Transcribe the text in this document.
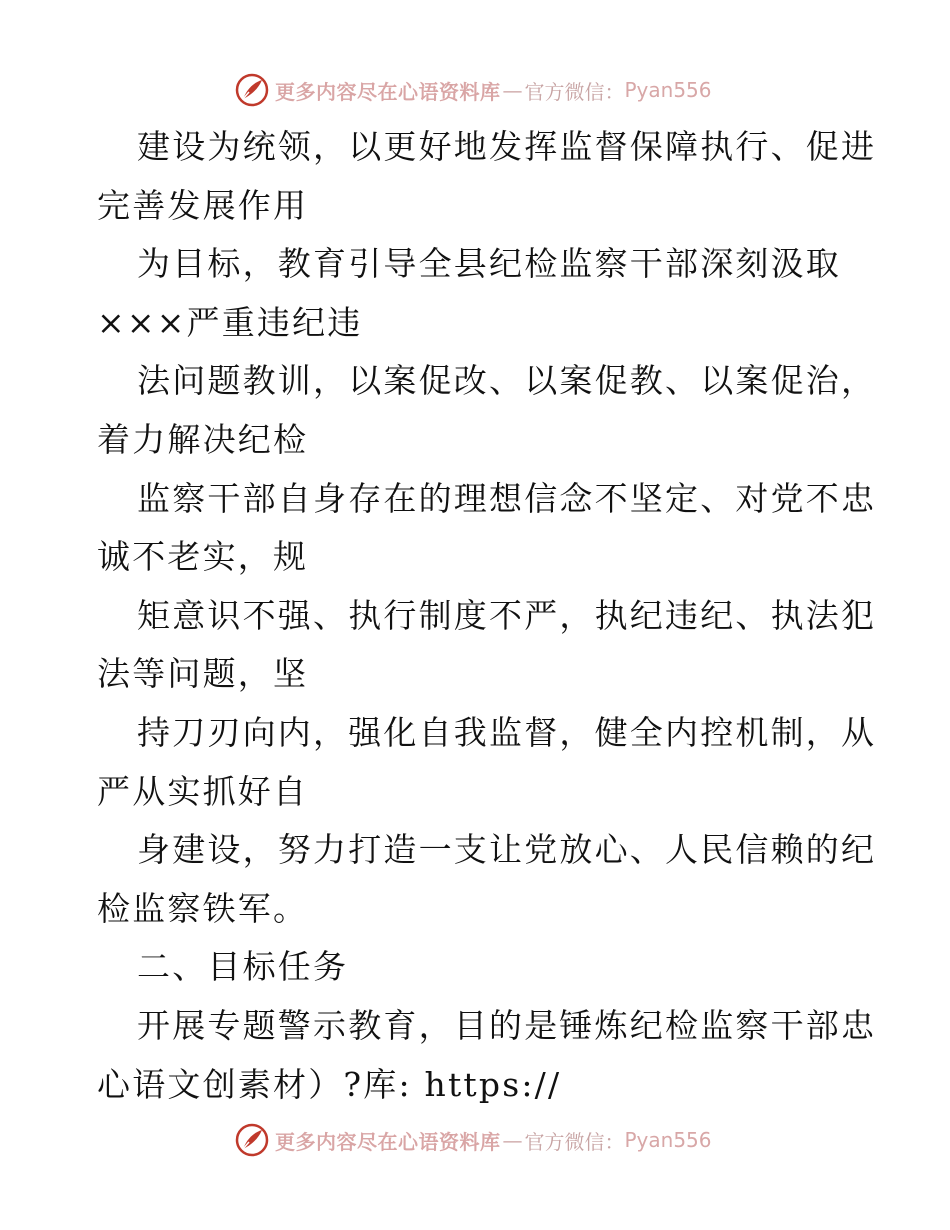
更多内容尽在心语资料库 — 官方微信： Pyan556
建设为统领，以更好地发挥监督保障执行、促进
完善发展作用
为目标，教育引导全县纪检监察干部深刻汲取
×××严重违纪违
法问题教训，以案促改、以案促教、以案促治，
着力解决纪检
监察干部自身存在的理想信念不坚定、对党不忠
诚不老实，规
矩意识不强、执行制度不严，执纪违纪、执法犯
法等问题，坚
持刀刃向内，强化自我监督，健全内控机制，从
严从实抓好自
身建设，努力打造一支让党放心、人民信赖的纪
检监察铁军。
二、目标任务
开展专题警示教育，目的是锤炼纪检监察干部忠
心语文创素材）?库: https://
更多内容尽在心语资料库 — 官方微信： Pyan556
